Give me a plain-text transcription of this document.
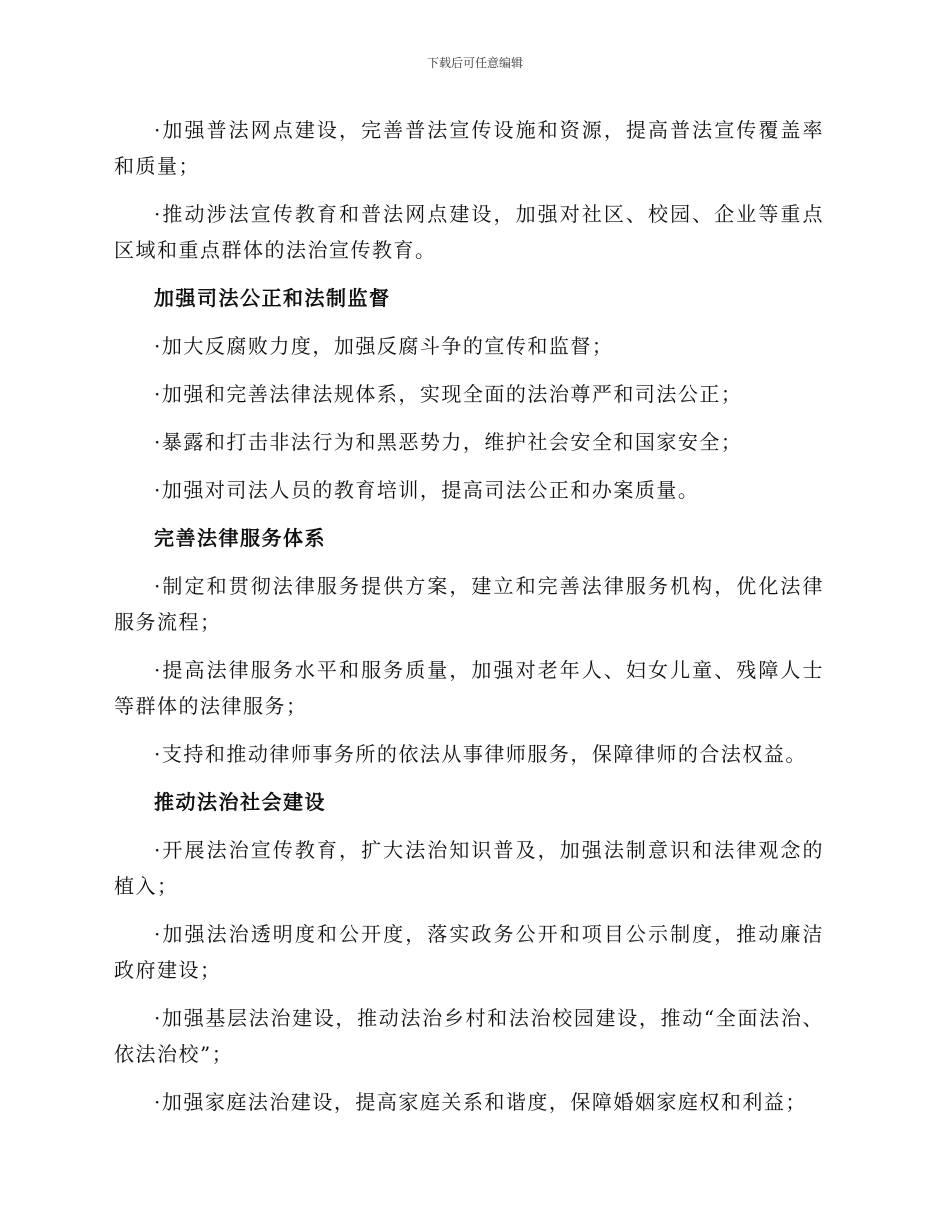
下载后可任意编辑

·加强普法网点建设，完善普法宣传设施和资源，提高普法宣传覆盖率和质量；

·推动涉法宣传教育和普法网点建设，加强对社区、校园、企业等重点区域和重点群体的法治宣传教育。

加强司法公正和法制监督

·加大反腐败力度，加强反腐斗争的宣传和监督；

·加强和完善法律法规体系，实现全面的法治尊严和司法公正；

·暴露和打击非法行为和黑恶势力，维护社会安全和国家安全；

·加强对司法人员的教育培训，提高司法公正和办案质量。

完善法律服务体系

·制定和贯彻法律服务提供方案，建立和完善法律服务机构，优化法律服务流程；

·提高法律服务水平和服务质量，加强对老年人、妇女儿童、残障人士等群体的法律服务；

·支持和推动律师事务所的依法从事律师服务，保障律师的合法权益。

推动法治社会建设

·开展法治宣传教育，扩大法治知识普及，加强法制意识和法律观念的植入；

·加强法治透明度和公开度，落实政务公开和项目公示制度，推动廉洁政府建设；

·加强基层法治建设，推动法治乡村和法治校园建设，推动“全面法治、依法治校”；

·加强家庭法治建设，提高家庭关系和谐度，保障婚姻家庭权和利益；
